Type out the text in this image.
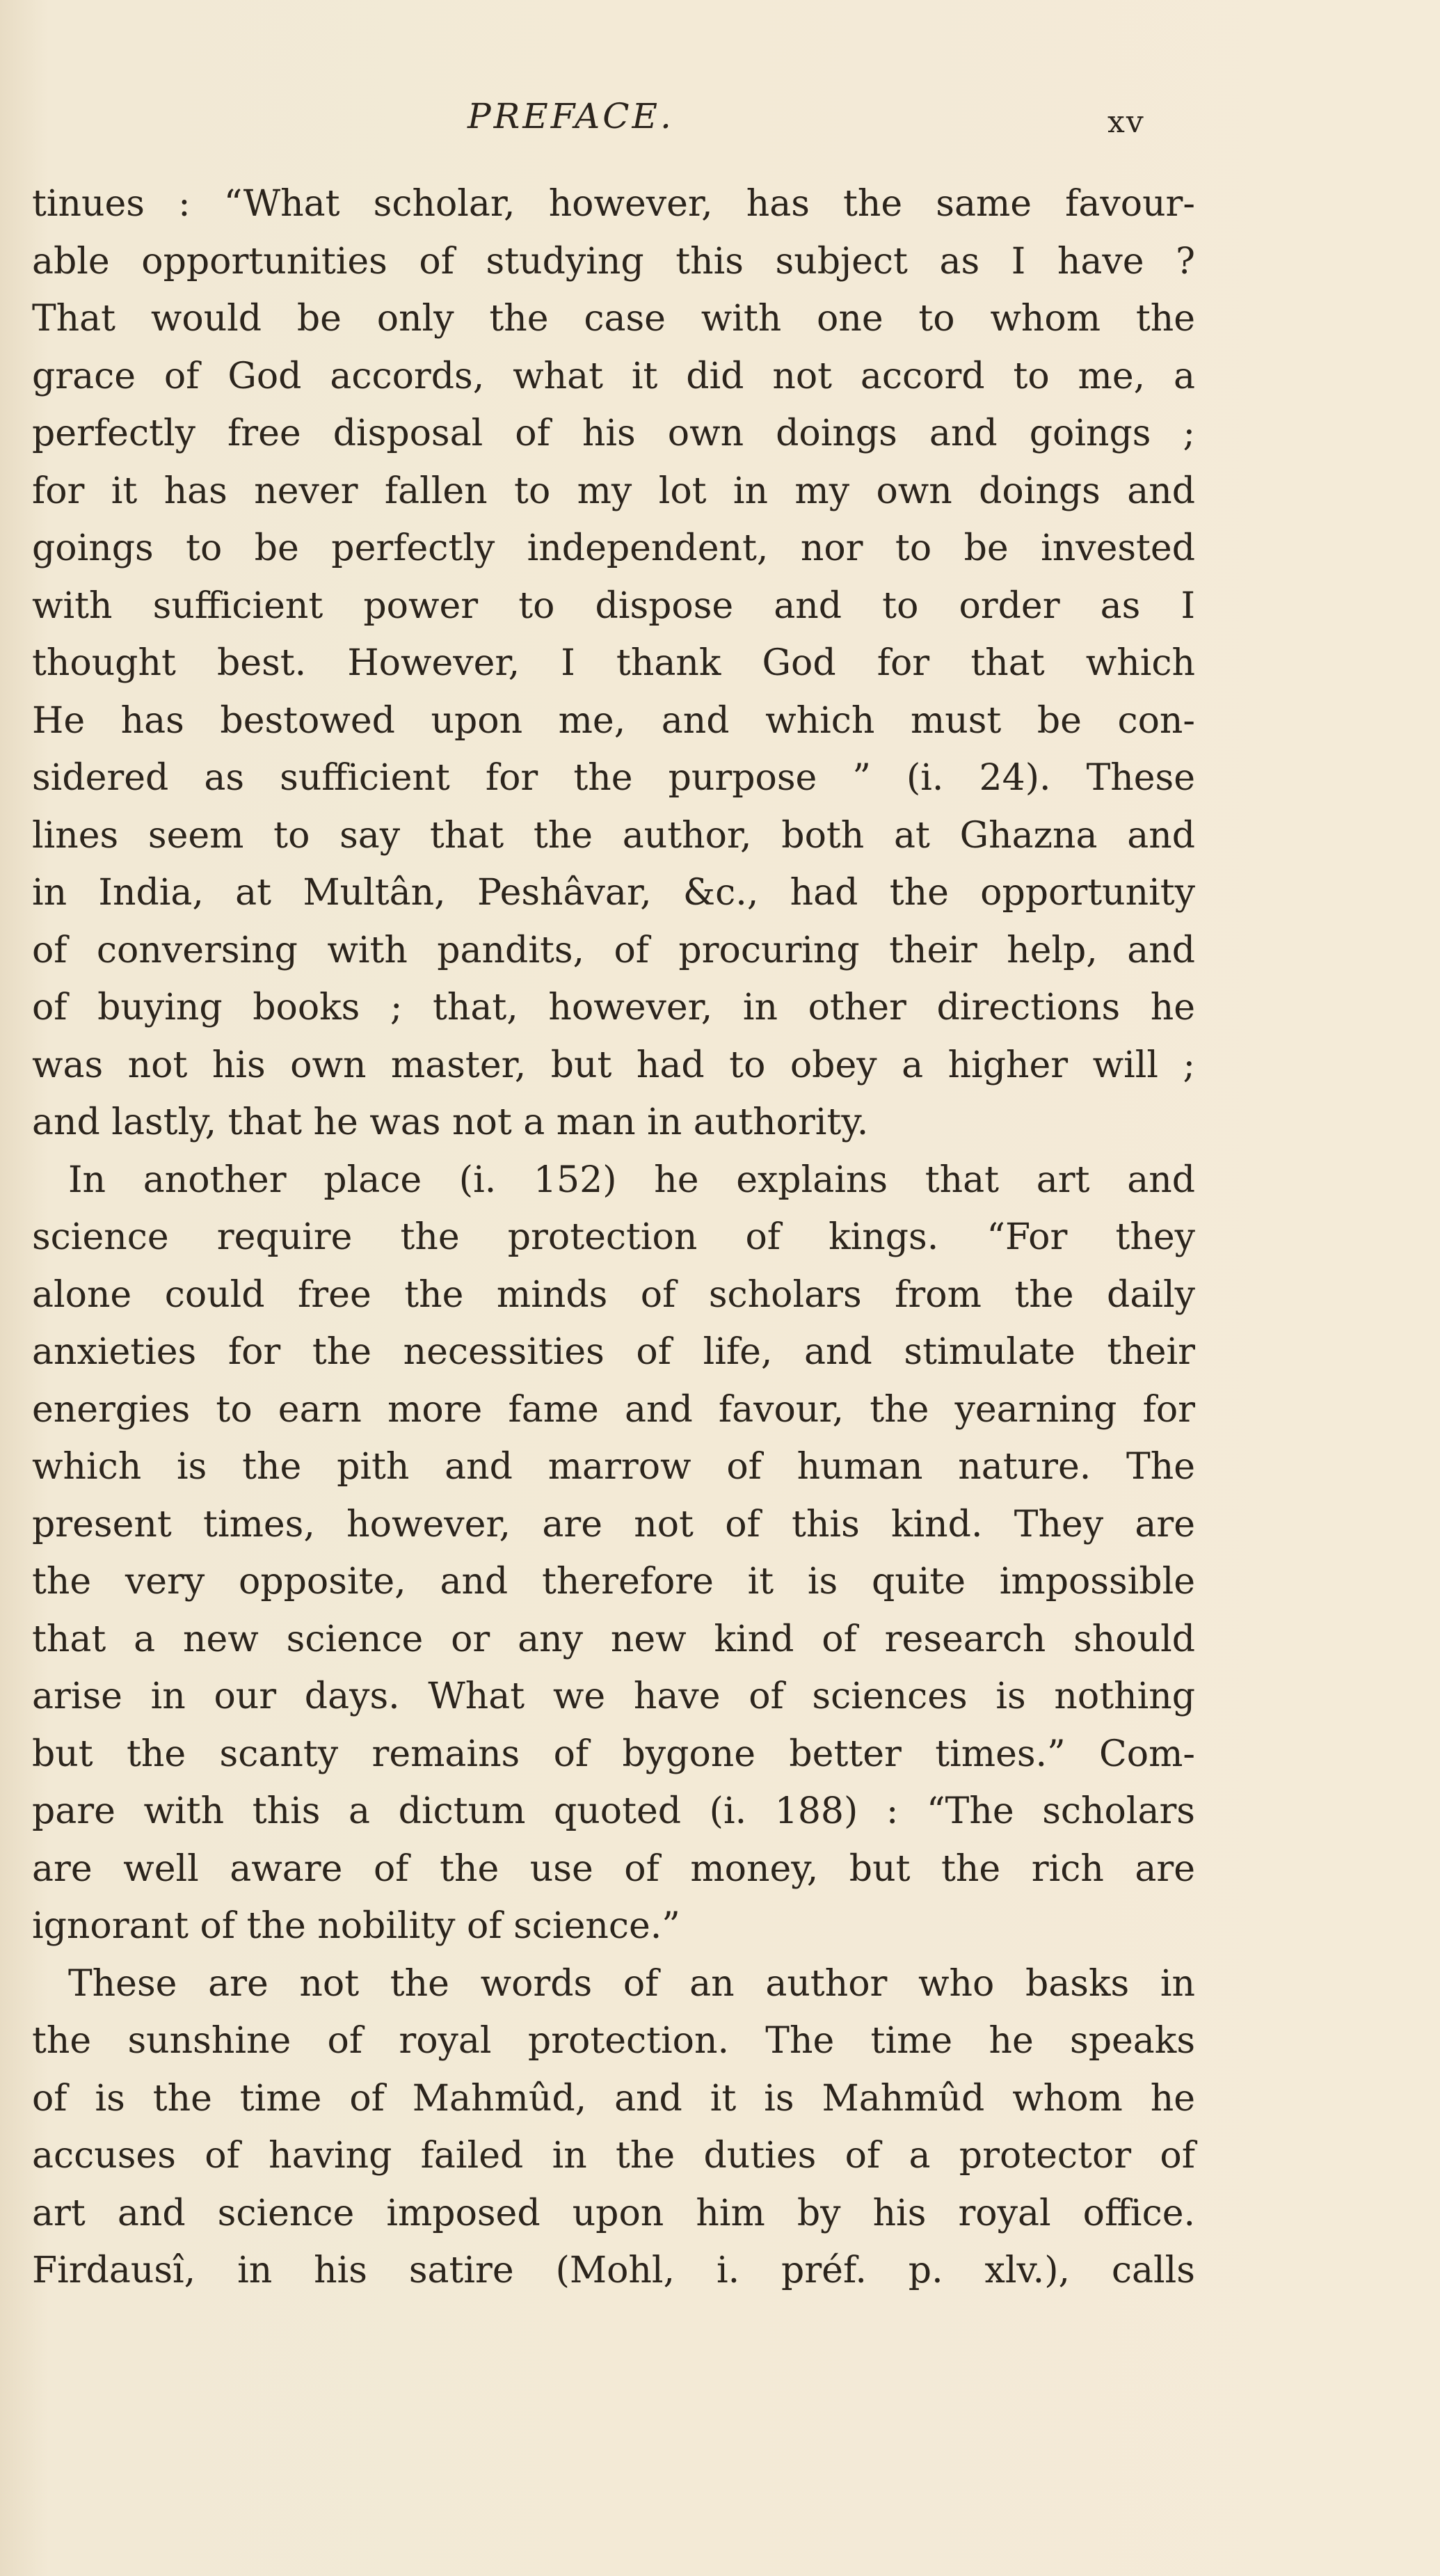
PREFACE.	xv
tinues : “What scholar, however, has the same favour-
able opportunities of studying this subject as I have ?
That would be only the case with one to whom the
grace of God accords, what it did not accord to me, a
perfectly free disposal of his own doings and goings ;
for it has never fallen to my lot in my own doings and
goings to be perfectly independent, nor to be invested
with sufficient power to dispose and to order as I
thought best. However, I thank God for that which
He has bestowed upon me, and which must be con-
sidered as sufficient for the purpose ” (i. 24). These
lines seem to say that the author, both at Ghazna and
in India, at Multân, Peshâvar, &c., had the opportunity
of conversing with pandits, of procuring their help, and
of buying books ; that, however, in other directions he
was not his own master, but had to obey a higher will ;
and lastly, that he was not a man in authority.
In another place (i. 152) he explains that art and
science require the protection of kings. “For they
alone could free the minds of scholars from the daily
anxieties for the necessities of life, and stimulate their
energies to earn more fame and favour, the yearning for
which is the pith and marrow of human nature. The
present times, however, are not of this kind. They are
the very opposite, and therefore it is quite impossible
that a new science or any new kind of research should
arise in our days. What we have of sciences is nothing
but the scanty remains of bygone better times.” Com-
pare with this a dictum quoted (i. 188) : “The scholars
are well aware of the use of money, but the rich are
ignorant of the nobility of science.”
These are not the words of an author who basks in
the sunshine of royal protection. The time he speaks
of is the time of Mahmûd, and it is Mahmûd whom he
accuses of having failed in the duties of a protector of
art and science imposed upon him by his royal office.
Firdausî, in his satire (Mohl, i. préf. p. xlv.), calls
